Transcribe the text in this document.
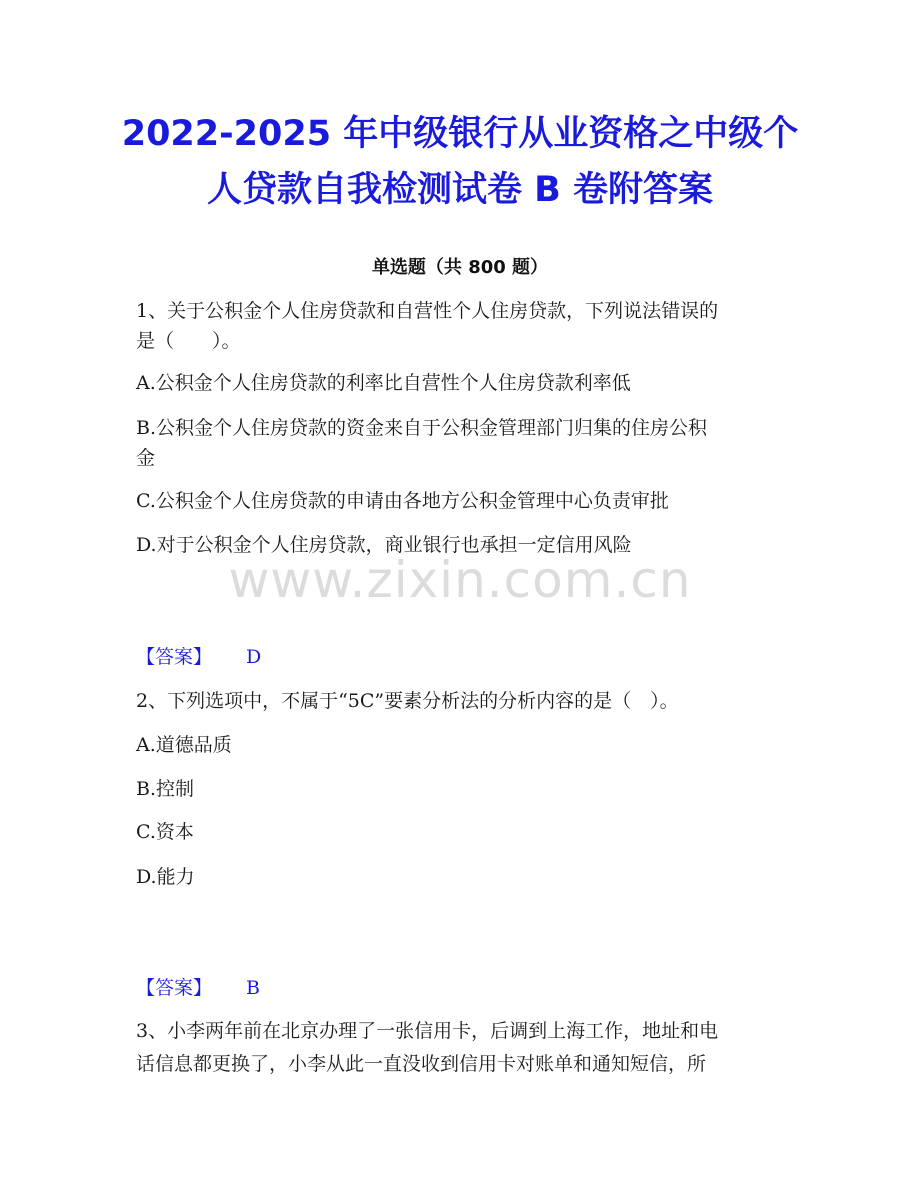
2022-2025 年中级银行从业资格之中级个
人贷款自我检测试卷 B 卷附答案
单选题（共 800 题）
1、关于公积金个人住房贷款和自营性个人住房贷款，下列说法错误的
是（　　）。
A.公积金个人住房贷款的利率比自营性个人住房贷款利率低
B.公积金个人住房贷款的资金来自于公积金管理部门归集的住房公积
金
C.公积金个人住房贷款的申请由各地方公积金管理中心负责审批
D.对于公积金个人住房贷款，商业银行也承担一定信用风险
www.zixin.com.cn
【答案】 D
2、下列选项中，不属于“5C”要素分析法的分析内容的是（　）。
A.道德品质
B.控制
C.资本
D.能力
【答案】 B
3、小李两年前在北京办理了一张信用卡，后调到上海工作，地址和电
话信息都更换了，小李从此一直没收到信用卡对账单和通知短信，所
